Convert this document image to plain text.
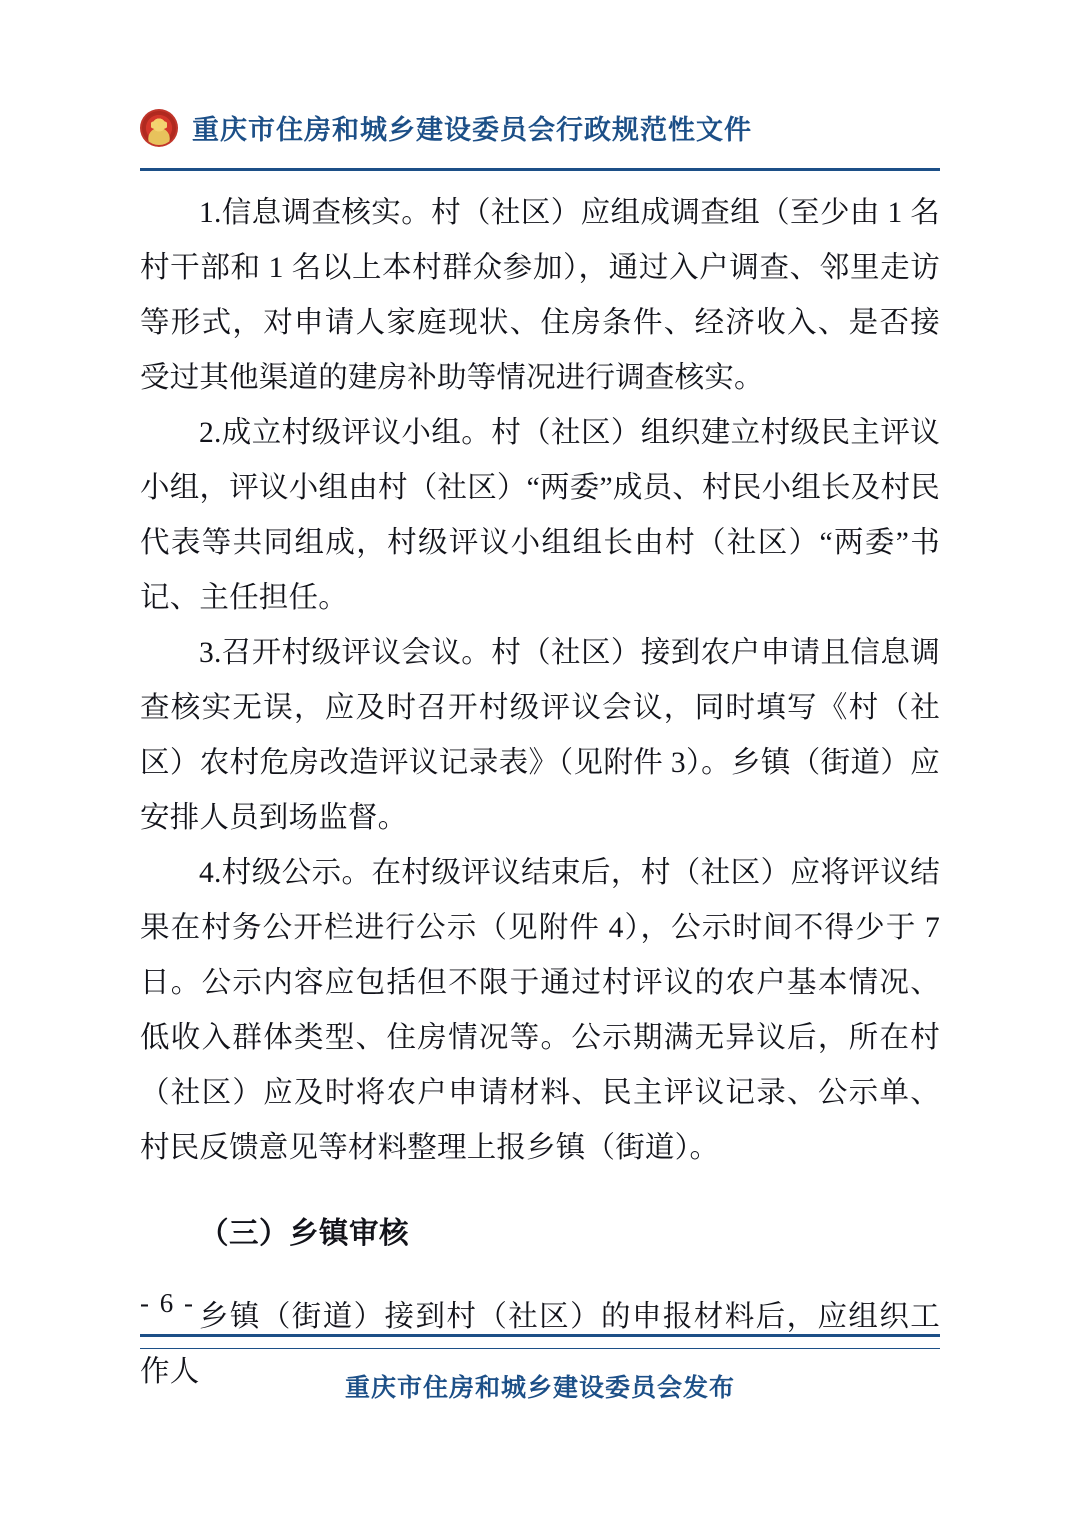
重庆市住房和城乡建设委员会行政规范性文件

1.信息调查核实。村（社区）应组成调查组（至少由 1 名村干部和 1 名以上本村群众参加），通过入户调查、邻里走访等形式，对申请人家庭现状、住房条件、经济收入、是否接受过其他渠道的建房补助等情况进行调查核实。

2.成立村级评议小组。村（社区）组织建立村级民主评议小组，评议小组由村（社区）“两委”成员、村民小组长及村民代表等共同组成，村级评议小组组长由村（社区）“两委”书记、主任担任。

3.召开村级评议会议。村（社区）接到农户申请且信息调查核实无误，应及时召开村级评议会议，同时填写《村（社区）农村危房改造评议记录表》（见附件 3）。乡镇（街道）应安排人员到场监督。

4.村级公示。在村级评议结束后，村（社区）应将评议结果在村务公开栏进行公示（见附件 4），公示时间不得少于 7 日。公示内容应包括但不限于通过村评议的农户基本情况、低收入群体类型、住房情况等。公示期满无异议后，所在村（社区）应及时将农户申请材料、民主评议记录、公示单、村民反馈意见等材料整理上报乡镇（街道）。

（三）乡镇审核

乡镇（街道）接到村（社区）的申报材料后，应组织工作人

- 6 -
重庆市住房和城乡建设委员会发布
